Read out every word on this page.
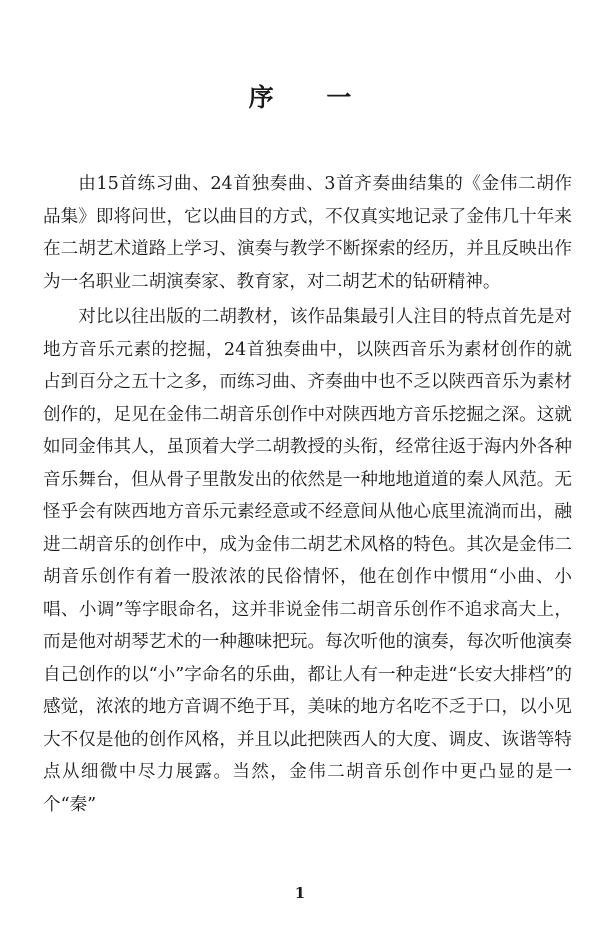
序 一

由15首练习曲、24首独奏曲、3首齐奏曲结集的《金伟二胡作品集》即将问世，它以曲目的方式，不仅真实地记录了金伟几十年来在二胡艺术道路上学习、演奏与教学不断探索的经历，并且反映出作为一名职业二胡演奏家、教育家，对二胡艺术的钻研精神。

对比以往出版的二胡教材，该作品集最引人注目的特点首先是对地方音乐元素的挖掘，24首独奏曲中，以陕西音乐为素材创作的就占到百分之五十之多，而练习曲、齐奏曲中也不乏以陕西音乐为素材创作的，足见在金伟二胡音乐创作中对陕西地方音乐挖掘之深。这就如同金伟其人，虽顶着大学二胡教授的头衔，经常往返于海内外各种音乐舞台，但从骨子里散发出的依然是一种地地道道的秦人风范。无怪乎会有陕西地方音乐元素经意或不经意间从他心底里流淌而出，融进二胡音乐的创作中，成为金伟二胡艺术风格的特色。其次是金伟二胡音乐创作有着一股浓浓的民俗情怀，他在创作中惯用“小曲、小唱、小调”等字眼命名，这并非说金伟二胡音乐创作不追求高大上，而是他对胡琴艺术的一种趣味把玩。每次听他的演奏，每次听他演奏自己创作的以“小”字命名的乐曲，都让人有一种走进“长安大排档”的感觉，浓浓的地方音调不绝于耳，美味的地方名吃不乏于口，以小见大不仅是他的创作风格，并且以此把陕西人的大度、调皮、诙谐等特点从细微中尽力展露。当然，金伟二胡音乐创作中更凸显的是一个“秦”

1
